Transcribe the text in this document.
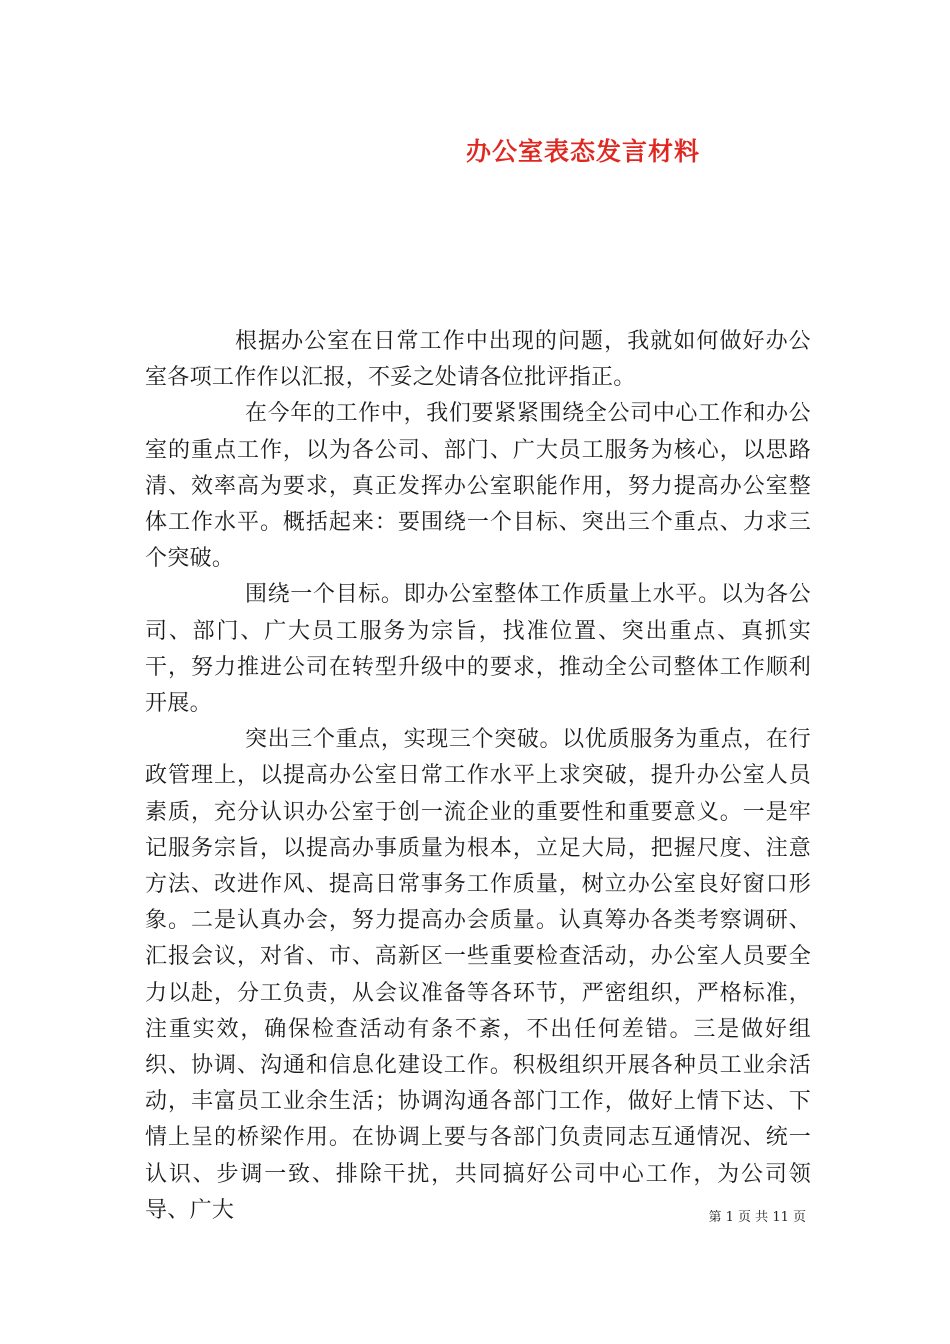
办公室表态发言材料

根据办公室在日常工作中出现的问题，我就如何做好办公室各项工作作以汇报，不妥之处请各位批评指正。

在今年的工作中，我们要紧紧围绕全公司中心工作和办公室的重点工作，以为各公司、部门、广大员工服务为核心，以思路清、效率高为要求，真正发挥办公室职能作用，努力提高办公室整体工作水平。概括起来：要围绕一个目标、突出三个重点、力求三个突破。

围绕一个目标。即办公室整体工作质量上水平。以为各公司、部门、广大员工服务为宗旨，找准位置、突出重点、真抓实干，努力推进公司在转型升级中的要求，推动全公司整体工作顺利开展。

突出三个重点，实现三个突破。以优质服务为重点，在行政管理上，以提高办公室日常工作水平上求突破，提升办公室人员素质，充分认识办公室于创一流企业的重要性和重要意义。一是牢记服务宗旨，以提高办事质量为根本，立足大局，把握尺度、注意方法、改进作风、提高日常事务工作质量，树立办公室良好窗口形象。二是认真办会，努力提高办会质量。认真筹办各类考察调研、汇报会议，对省、市、高新区一些重要检查活动，办公室人员要全力以赴，分工负责，从会议准备等各环节，严密组织，严格标准，注重实效，确保检查活动有条不紊，不出任何差错。三是做好组织、协调、沟通和信息化建设工作。积极组织开展各种员工业余活动，丰富员工业余生活；协调沟通各部门工作，做好上情下达、下情上呈的桥梁作用。在协调上要与各部门负责同志互通情况、统一认识、步调一致、排除干扰，共同搞好公司中心工作，为公司领导、广大	第 1 页 共 11 页
